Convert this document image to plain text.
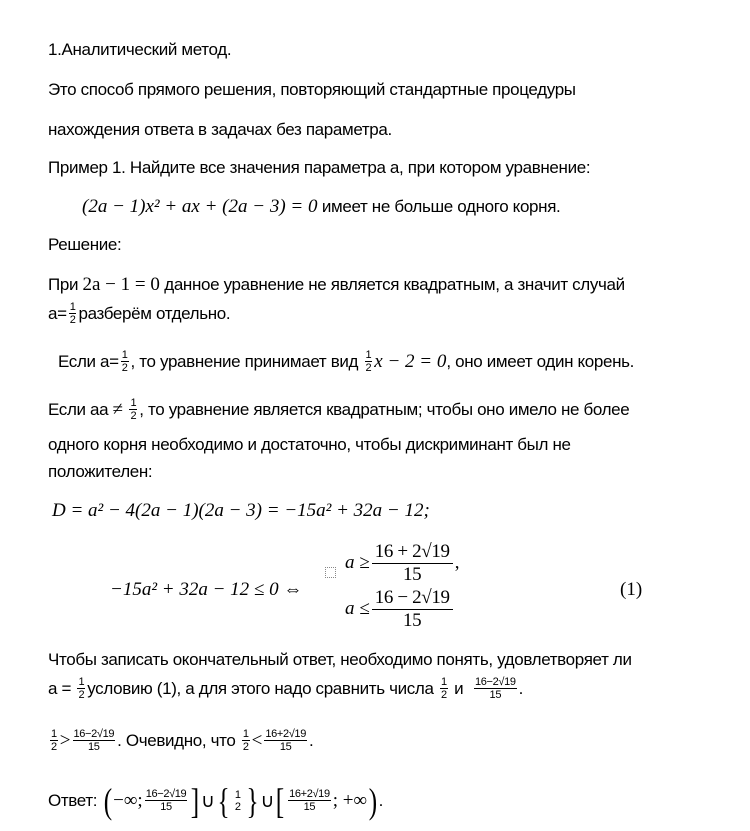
1.Аналитический метод.
Это способ прямого решения, повторяющий стандартные процедуры
нахождения ответа в задачах без параметра.
Пример 1. Найдите все значения параметра а, при котором уравнение:
(2a − 1)x² + ax + (2a − 3) = 0
имеет не больше одного корня.
Решение:
При
2a − 1 = 0
данное уравнение не является квадратным, а значит случай
$a= \frac{1}{2}$ разберём отдельно.
Если $а= \frac{1}{2}$ , то уравнение принимает вид
$\frac{1}{2}$ x − 2 = 0 , оно имеет один корень.
Если аа
≠
$\frac{1}{2}$ , то уравнение является квадратным; чтобы оно имело не более
одного корня необходимо и достаточно, чтобы дискриминант был не
положителен:
D = a² − 4(2a − 1)(2a − 3) = −15a² + 32a − 12;
−15a² + 32a − 12 ≤ 0 ⇔
$a \ge \frac{16 + 2√19}{15}$ ,
$a \le \frac{16 - 2√19}{15}$	(1)
Чтобы записать окончательный ответ, необходимо понять, удовлетворяет ли
а =
$\frac{1}{2}$ условию (1), а для этого надо сравнить числа
$\frac{1}{2}$
и
$\frac{16-2√19}{15}$ .
$\frac{1}{2} > \frac{16-2√19}{15}$ . Очевидно, что
$\frac{1}{2} < \frac{16+2√19}{15}$ .
Ответ:
( −∞; $\frac{16-2√19}{15}$ ] ∪ { 1
2 } ∪ [ $\frac{16+2√19}{15}$ ; +∞ ) .
